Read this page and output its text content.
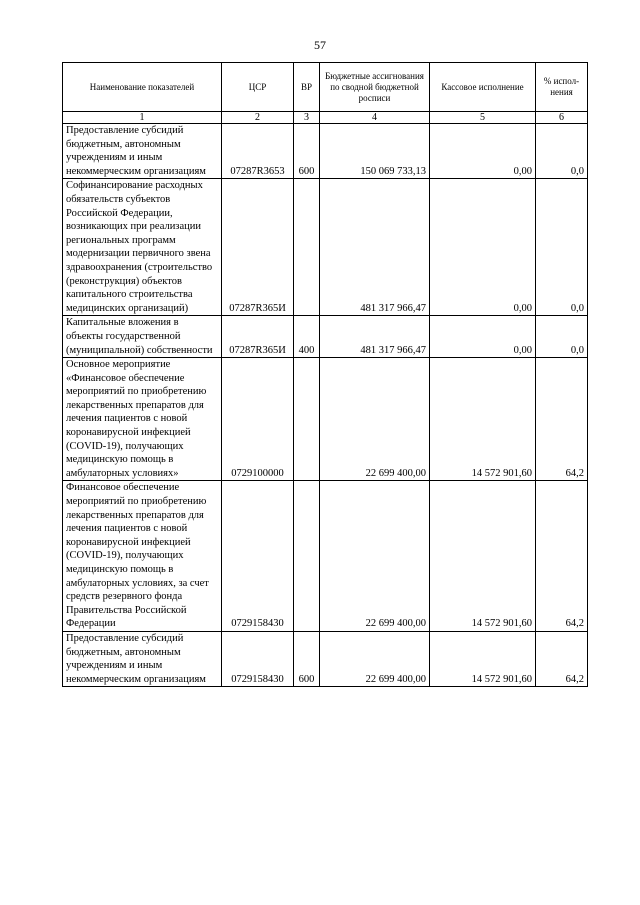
57
Наименование показателей	ЦСР	ВР	Бюджетные ассигнования по сводной бюджетной росписи	Кассовое исполнение	% испол-нения
1	2	3	4	5	6
Предоставление субсидий бюджетным, автономным учреждениям и иным некоммерческим организациям	07287R3653	600	150 069 733,13	0,00	0,0
Софинансирование расходных обязательств субъектов Российской Федерации, возникающих при реализации региональных программ модернизации первичного звена здравоохранения (строительство (реконструкция) объектов капитального строительства медицинских организаций)	07287R365И		481 317 966,47	0,00	0,0
Капитальные вложения в объекты государственной (муниципальной) собственности	07287R365И	400	481 317 966,47	0,00	0,0
Основное мероприятие «Финансовое обеспечение мероприятий по приобретению лекарственных препаратов для лечения пациентов с новой коронавирусной инфекцией (COVID-19), получающих медицинскую помощь в амбулаторных условиях»	0729100000		22 699 400,00	14 572 901,60	64,2
Финансовое обеспечение мероприятий по приобретению лекарственных препаратов для лечения пациентов с новой коронавирусной инфекцией (COVID-19), получающих медицинскую помощь в амбулаторных условиях, за счет средств резервного фонда Правительства Российской Федерации	0729158430		22 699 400,00	14 572 901,60	64,2
Предоставление субсидий бюджетным, автономным учреждениям и иным некоммерческим организациям	0729158430	600	22 699 400,00	14 572 901,60	64,2
